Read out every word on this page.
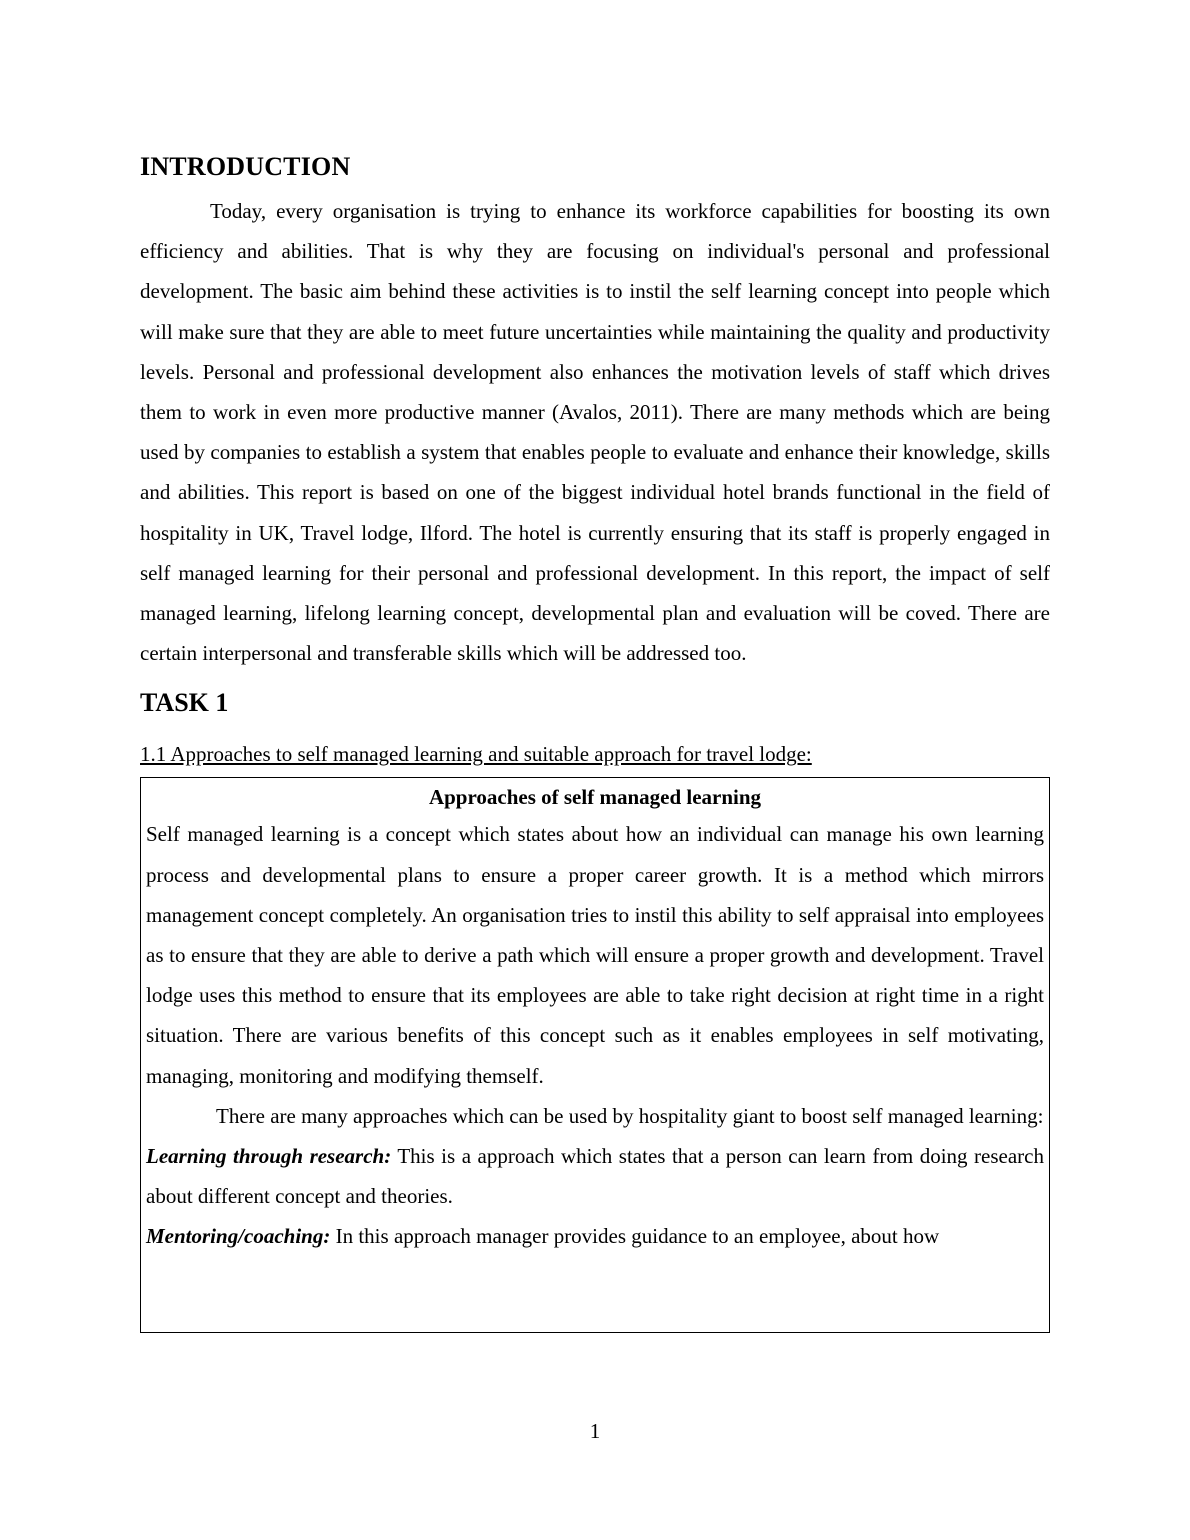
INTRODUCTION

Today, every organisation is trying to enhance its workforce capabilities for boosting its own efficiency and abilities. That is why they are focusing on individual's personal and professional development. The basic aim behind these activities is to instil the self learning concept into people which will make sure that they are able to meet future uncertainties while maintaining the quality and productivity levels. Personal and professional development also enhances the motivation levels of staff which drives them to work in even more productive manner (Avalos, 2011). There are many methods which are being used by companies to establish a system that enables people to evaluate and enhance their knowledge, skills and abilities. This report is based on one of the biggest individual hotel brands functional in the field of hospitality in UK, Travel lodge, Ilford. The hotel is currently ensuring that its staff is properly engaged in self managed learning for their personal and professional development. In this report, the impact of self managed learning, lifelong learning concept, developmental plan and evaluation will be coved. There are certain interpersonal and transferable skills which will be addressed too.

TASK 1
1.1 Approaches to self managed learning and suitable approach for travel lodge:
Approaches of self managed learning

Self managed learning is a concept which states about how an individual can manage his own learning process and developmental plans to ensure a proper career growth. It is a method which mirrors management concept completely. An organisation tries to instil this ability to self appraisal into employees as to ensure that they are able to derive a path which will ensure a proper growth and development. Travel lodge uses this method to ensure that its employees are able to take right decision at right time in a right situation. There are various benefits of this concept such as it enables employees in self motivating, managing, monitoring and modifying themself.

There are many approaches which can be used by hospitality giant to boost self managed learning:

Learning through research: This is a approach which states that a person can learn from doing research about different concept and theories.

Mentoring/coaching: In this approach manager provides guidance to an employee, about how

1
